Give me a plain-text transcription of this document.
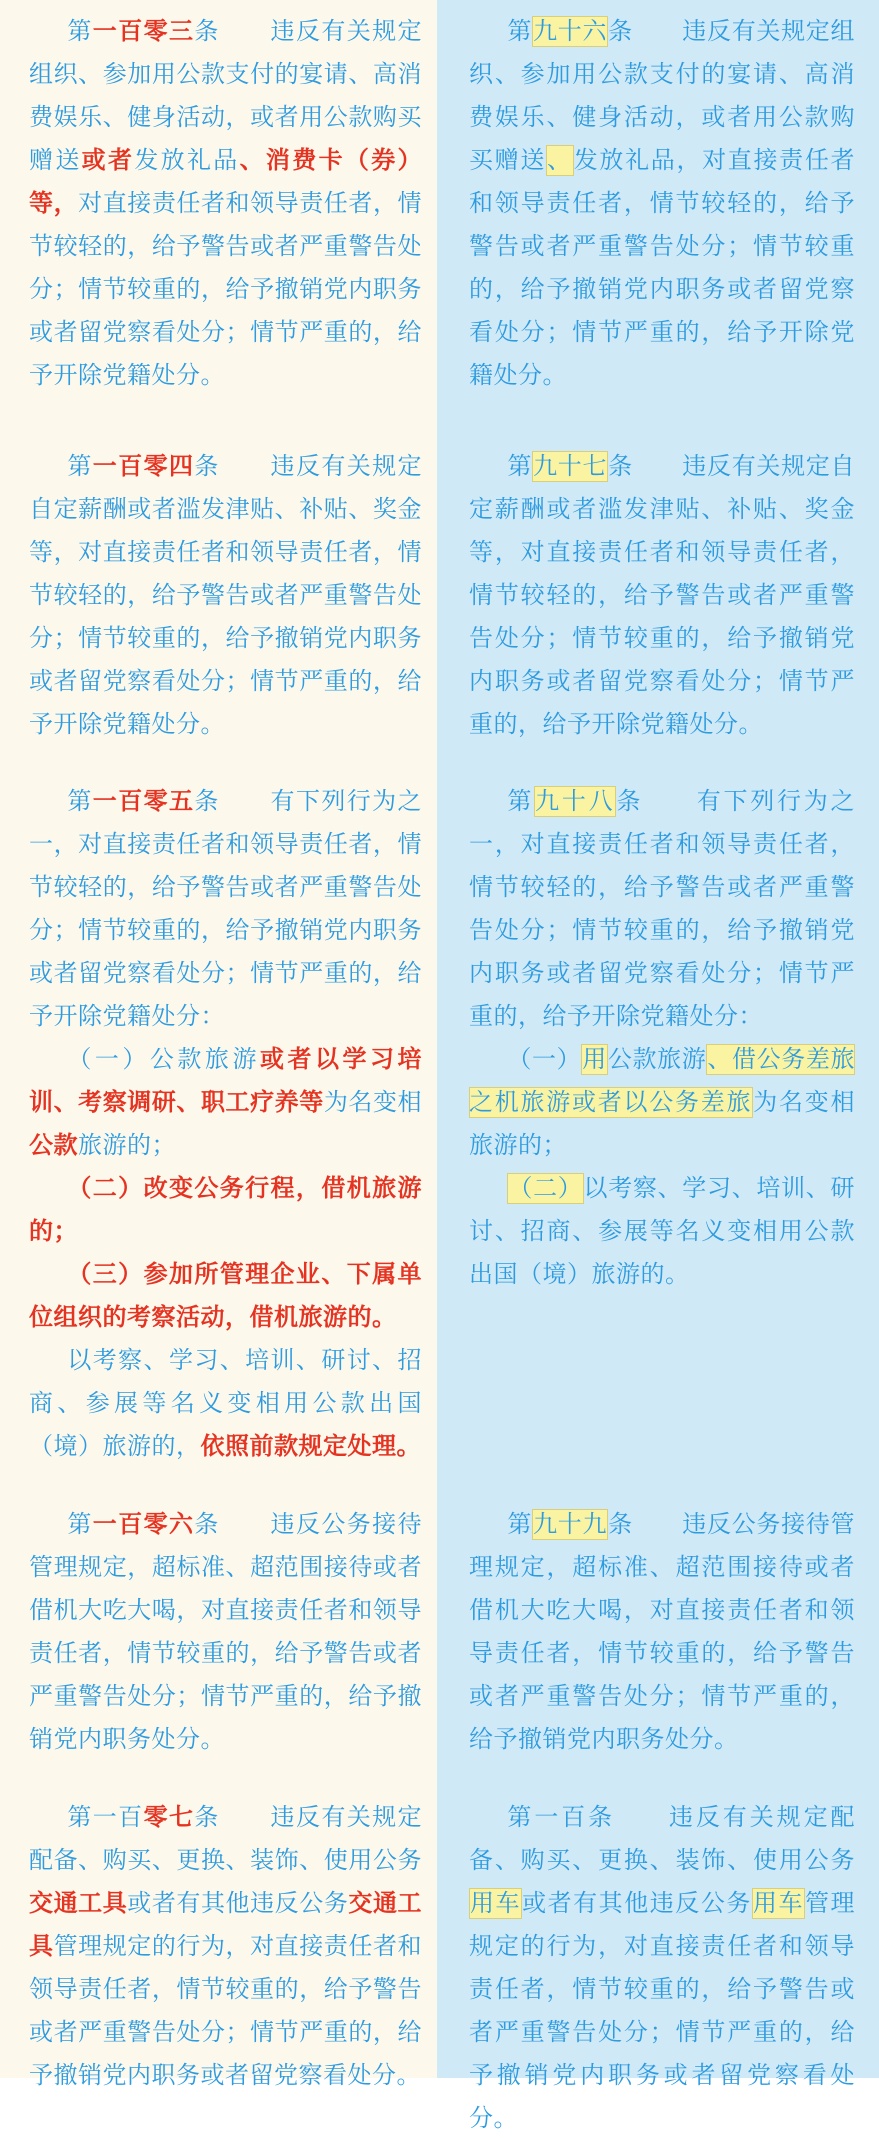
第一百零三条　　违反有关规定组织、参加用公款支付的宴请、高消费娱乐、健身活动，或者用公款购买赠送或者发放礼品、消费卡（券）等，对直接责任者和领导责任者，情节较轻的，给予警告或者严重警告处分；情节较重的，给予撤销党内职务或者留党察看处分；情节严重的，给予开除党籍处分。

第一百零四条　　违反有关规定自定薪酬或者滥发津贴、补贴、奖金等，对直接责任者和领导责任者，情节较轻的，给予警告或者严重警告处分；情节较重的，给予撤销党内职务或者留党察看处分；情节严重的，给予开除党籍处分。

第一百零五条　　有下列行为之一，对直接责任者和领导责任者，情节较轻的，给予警告或者严重警告处分；情节较重的，给予撤销党内职务或者留党察看处分；情节严重的，给予开除党籍处分：

（一）公款旅游或者以学习培训、考察调研、职工疗养等为名变相公款旅游的；

（二）改变公务行程，借机旅游的；

（三）参加所管理企业、下属单位组织的考察活动，借机旅游的。

以考察、学习、培训、研讨、招商、参展等名义变相用公款出国（境）旅游的，依照前款规定处理。

第一百零六条　　违反公务接待管理规定，超标准、超范围接待或者借机大吃大喝，对直接责任者和领导责任者，情节较重的，给予警告或者严重警告处分；情节严重的，给予撤销党内职务处分。

第一百零七条　　违反有关规定配备、购买、更换、装饰、使用公务交通工具或者有其他违反公务交通工具管理规定的行为，对直接责任者和领导责任者，情节较重的，给予警告或者严重警告处分；情节严重的，给予撤销党内职务或者留党察看处分。

第九十六条　　违反有关规定组织、参加用公款支付的宴请、高消费娱乐、健身活动，或者用公款购买赠送、发放礼品，对直接责任者和领导责任者，情节较轻的，给予警告或者严重警告处分；情节较重的，给予撤销党内职务或者留党察看处分；情节严重的，给予开除党籍处分。

第九十七条　　违反有关规定自定薪酬或者滥发津贴、补贴、奖金等，对直接责任者和领导责任者，情节较轻的，给予警告或者严重警告处分；情节较重的，给予撤销党内职务或者留党察看处分；情节严重的，给予开除党籍处分。

第九十八条　　有下列行为之一，对直接责任者和领导责任者，情节较轻的，给予警告或者严重警告处分；情节较重的，给予撤销党内职务或者留党察看处分；情节严重的，给予开除党籍处分：

（一）用公款旅游、借公务差旅之机旅游或者以公务差旅为名变相旅游的；

（二）以考察、学习、培训、研讨、招商、参展等名义变相用公款出国（境）旅游的。

第九十九条　　违反公务接待管理规定，超标准、超范围接待或者借机大吃大喝，对直接责任者和领导责任者，情节较重的，给予警告或者严重警告处分；情节严重的，给予撤销党内职务处分。

第一百条　　违反有关规定配备、购买、更换、装饰、使用公务用车或者有其他违反公务用车管理规定的行为，对直接责任者和领导责任者，情节较重的，给予警告或者严重警告处分；情节严重的，给予撤销党内职务或者留党察看处分。
